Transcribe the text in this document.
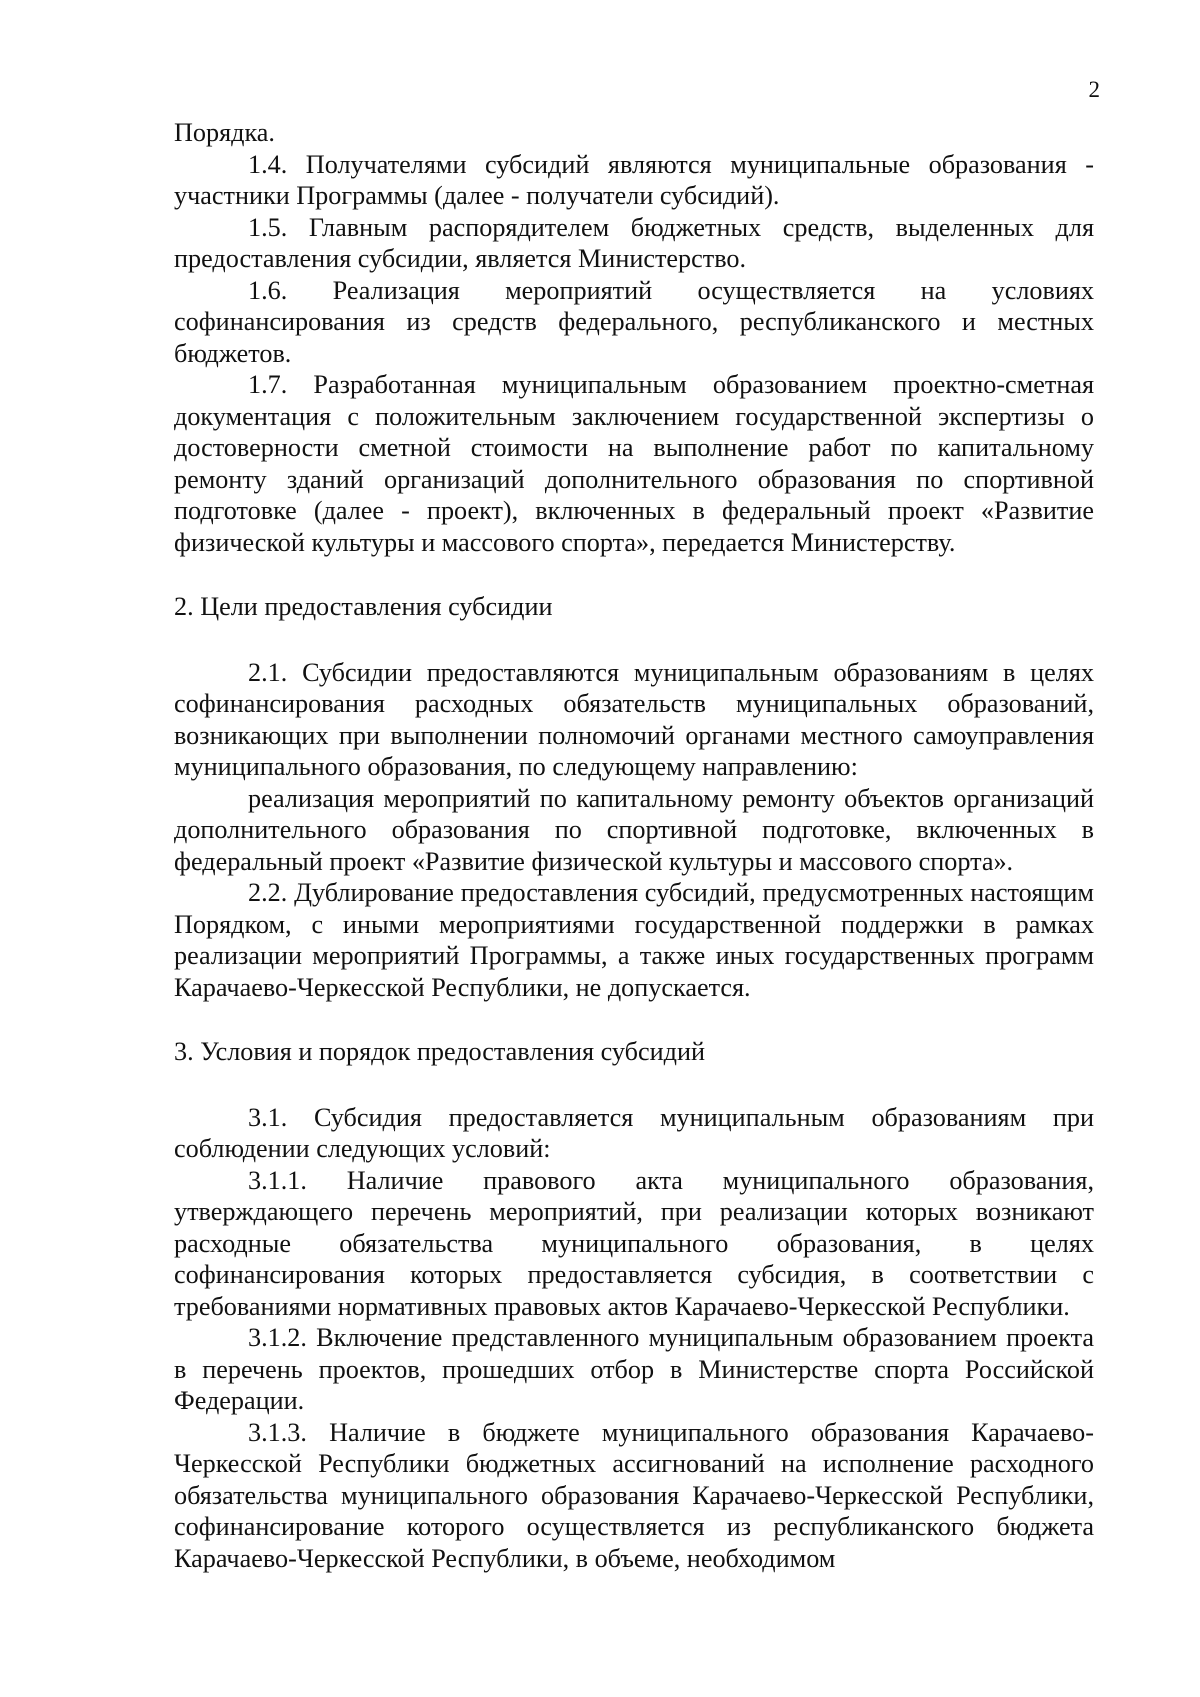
2

Порядка.

1.4. Получателями субсидий являются муниципальные образования - участники Программы (далее - получатели субсидий).

1.5. Главным распорядителем бюджетных средств, выделенных для предоставления субсидии, является Министерство.

1.6. Реализация мероприятий осуществляется на условиях софинансирования из средств федерального, республиканского и местных бюджетов.

1.7. Разработанная муниципальным образованием проектно-сметная документация с положительным заключением государственной экспертизы о достоверности сметной стоимости на выполнение работ по капитальному ремонту зданий организаций дополнительного образования по спортивной подготовке (далее - проект), включенных в федеральный проект «Развитие физической культуры и массового спорта», передается Министерству.

2. Цели предоставления субсидии

2.1. Субсидии предоставляются муниципальным образованиям в целях софинансирования расходных обязательств муниципальных образований, возникающих при выполнении полномочий органами местного самоуправления муниципального образования, по следующему направлению:

реализация мероприятий по капитальному ремонту объектов организаций дополнительного образования по спортивной подготовке, включенных в федеральный проект «Развитие физической культуры и массового спорта».

2.2. Дублирование предоставления субсидий, предусмотренных настоящим Порядком, с иными мероприятиями государственной поддержки в рамках реализации мероприятий Программы, а также иных государственных программ Карачаево-Черкесской Республики, не допускается.

3. Условия и порядок предоставления субсидий

3.1. Субсидия предоставляется муниципальным образованиям при соблюдении следующих условий:

3.1.1. Наличие правового акта муниципального образования, утверждающего перечень мероприятий, при реализации которых возникают расходные обязательства муниципального образования, в целях софинансирования которых предоставляется субсидия, в соответствии с требованиями нормативных правовых актов Карачаево-Черкесской Республики.

3.1.2. Включение представленного муниципальным образованием проекта в перечень проектов, прошедших отбор в Министерстве спорта Российской Федерации.

3.1.3. Наличие в бюджете муниципального образования Карачаево-Черкесской Республики бюджетных ассигнований на исполнение расходного обязательства муниципального образования Карачаево-Черкесской Республики, софинансирование которого осуществляется из республиканского бюджета Карачаево-Черкесской Республики, в объеме, необходимом
